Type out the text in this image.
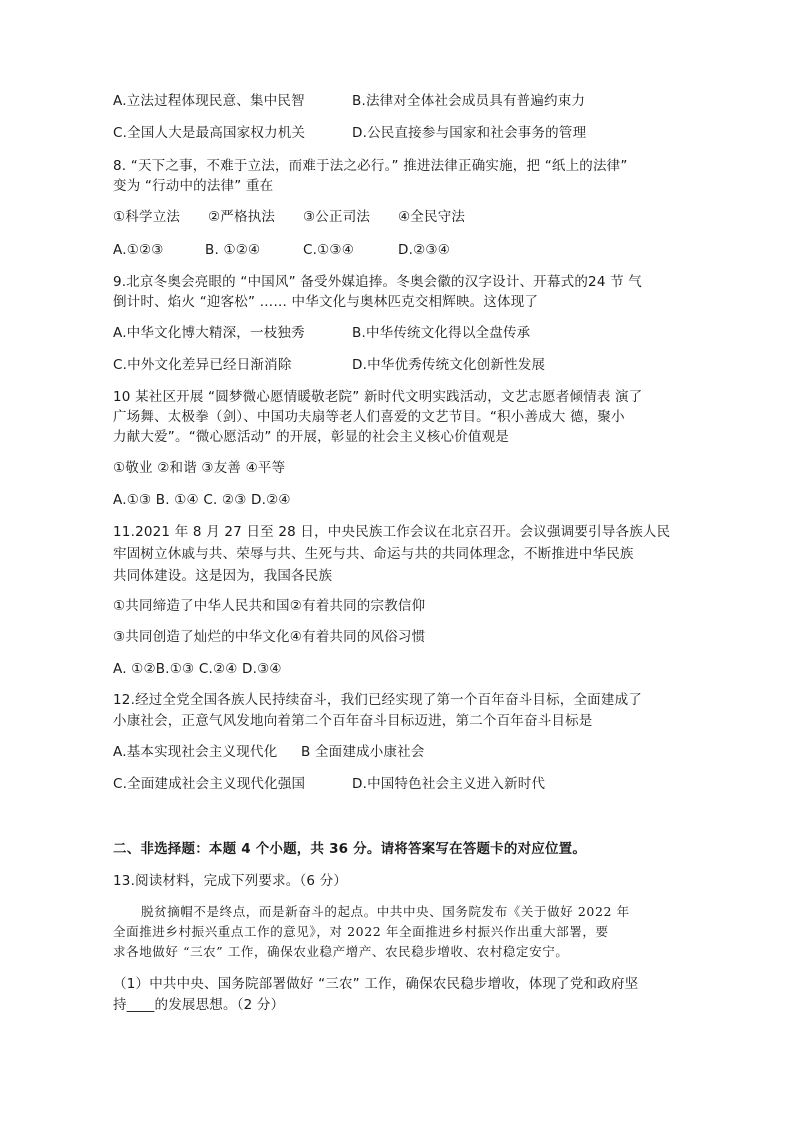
A.立法过程体现民意、集中民智	B.法律对全体社会成员具有普遍约束力
C.全国人大是最高国家权力机关	D.公民直接参与国家和社会事务的管理
8. “天下之事，不难于立法，而难于法之必行。” 推进法律正确实施，把 “纸上的法律”
变为 “行动中的法律” 重在
①科学立法 ②严格执法 ③公正司法 ④全民守法
A.①②③	B. ①②④	C.①③④	D.②③④
9.北京冬奥会亮眼的 “中国风” 备受外媒追捧。冬奥会徽的汉字设计、开幕式的24 节 气
倒计时、焰火 “迎客松” …… 中华文化与奥林匹克交相辉映。这体现了
A.中华文化博大精深，一枝独秀	B.中华传统文化得以全盘传承
C.中外文化差异已经日渐消除	D.中华优秀传统文化创新性发展
10 某社区开展 “圆梦微心愿情暖敬老院” 新时代文明实践活动，文艺志愿者倾情表 演了
广场舞、太极拳（剑）、中国功夫扇等老人们喜爱的文艺节目。“积小善成大 德，聚小
力献大爱”。“微心愿活动” 的开展，彰显的社会主义核心价值观是
①敬业 ②和谐 ③友善 ④平等
A.①③ B. ①④ C. ②③ D.②④
11.2021 年 8 月 27 日至 28 日，中央民族工作会议在北京召开。会议强调要引导各族人民
牢固树立休戚与共、荣辱与共、生死与共、命运与共的共同体理念，不断推进中华民族
共同体建设。这是因为，我国各民族
①共同缔造了中华人民共和国②有着共同的宗教信仰
③共同创造了灿烂的中华文化④有着共同的风俗习惯
A. ①②B.①③ C.②④ D.③④
12.经过全党全国各族人民持续奋斗，我们已经实现了第一个百年奋斗目标，全面建成了
小康社会，正意气风发地向着第二个百年奋斗目标迈进，第二个百年奋斗目标是
A.基本实现社会主义现代化 B 全面建成小康社会
C.全面建成社会主义现代化强国	D.中国特色社会主义进入新时代
二、非选择题：本题 4 个小题，共 36 分。请将答案写在答题卡的对应位置。
13.阅读材料，完成下列要求。（6 分）
脱贫摘帽不是终点，而是新奋斗的起点。中共中央、国务院发布《关于做好 2022 年
全面推进乡村振兴重点工作的意见》，对 2022 年全面推进乡村振兴作出重大部署，要
求各地做好 “三农” 工作，确保农业稳产增产、农民稳步增收、农村稳定安宁。
（1）中共中央、国务院部署做好 “三农” 工作，确保农民稳步增收，体现了党和政府坚
持____的发展思想。（2 分）
